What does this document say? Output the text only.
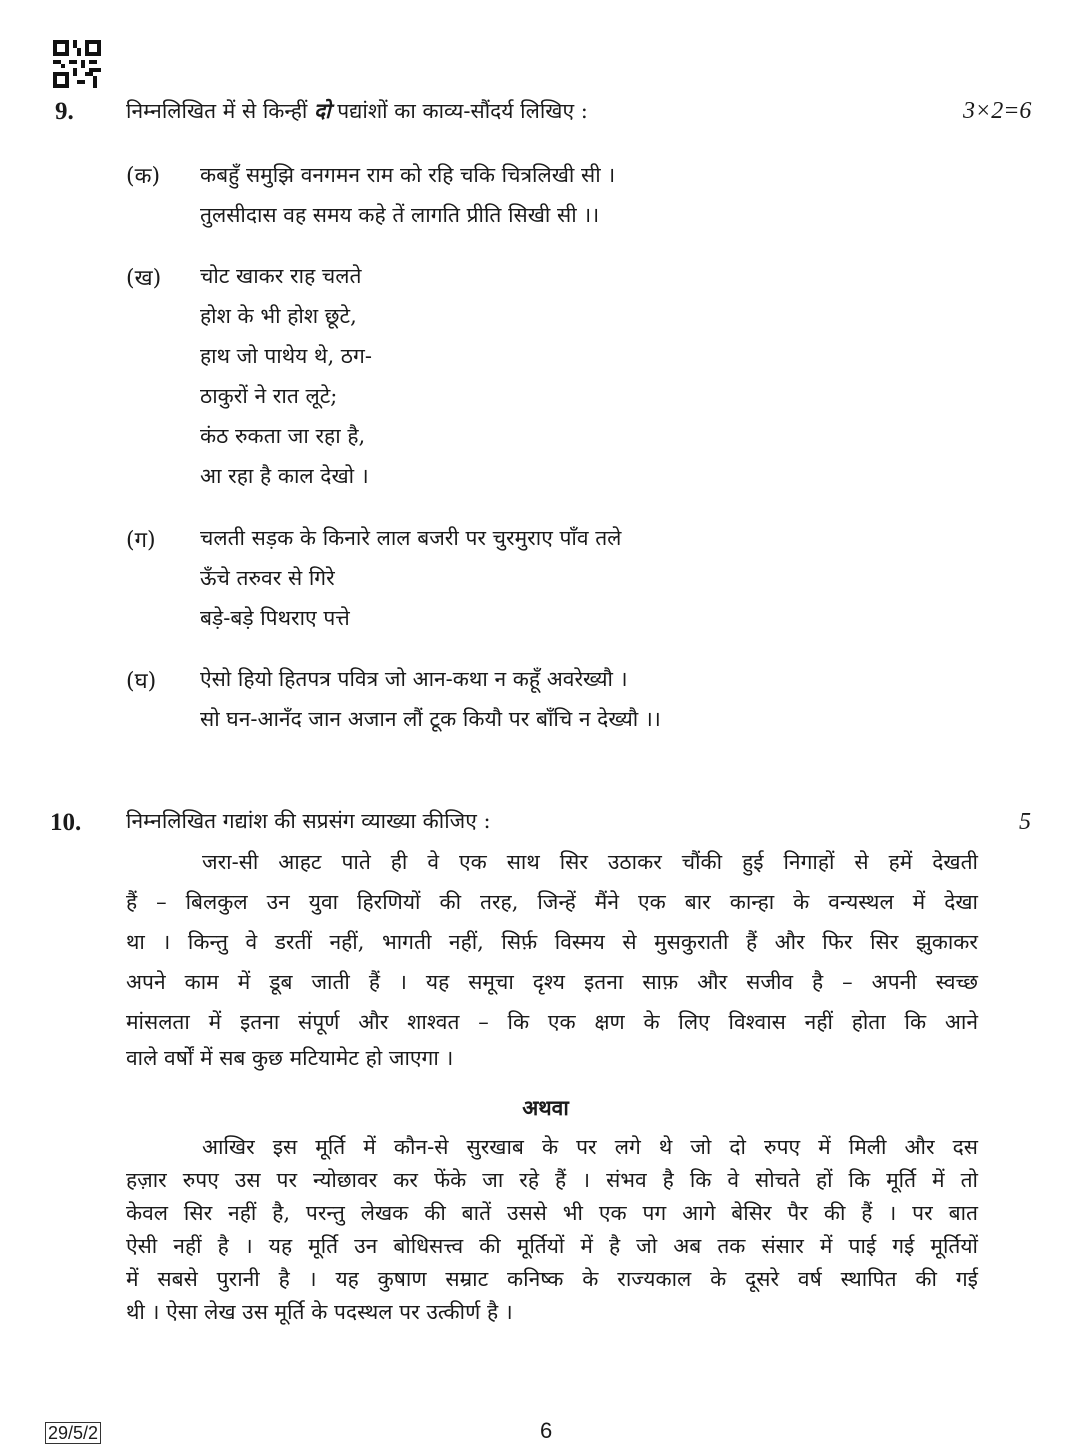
9. निम्नलिखित में से किन्हीं दो पद्यांशों का काव्य-सौंदर्य लिखिए :	3×2=6
(क) कबहुँ समुझि वनगमन राम को रहि चकि चित्रलिखी सी ।
तुलसीदास वह समय कहे तें लागति प्रीति सिखी सी ।।
(ख) चोट खाकर राह चलते
होश के भी होश छूटे,
हाथ जो पाथेय थे, ठग-
ठाकुरों ने रात लूटे;
कंठ रुकता जा रहा है,
आ रहा है काल देखो ।
(ग) चलती सड़क के किनारे लाल बजरी पर चुरमुराए पाँव तले
ऊँचे तरुवर से गिरे
बड़े-बड़े पिथराए पत्ते
(घ) ऐसो हियो हितपत्र पवित्र जो आन-कथा न कहूँ अवरेख्यौ ।
सो घन-आनँद जान अजान लौं टूक कियौ पर बाँचि न देख्यौ ।।
10. निम्नलिखित गद्यांश की सप्रसंग व्याख्या कीजिए :	5
जरा-सी आहट पाते ही वे एक साथ सिर उठाकर चौंकी हुई निगाहों से हमें देखती
हैं – बिलकुल उन युवा हिरणियों की तरह, जिन्हें मैंने एक बार कान्हा के वन्यस्थल में देखा
था । किन्तु वे डरतीं नहीं, भागती नहीं, सिर्फ़ विस्मय से मुसकुराती हैं और फिर सिर झुकाकर
अपने काम में डूब जाती हैं । यह समूचा दृश्य इतना साफ़ और सजीव है – अपनी स्वच्छ
मांसलता में इतना संपूर्ण और शाश्वत – कि एक क्षण के लिए विश्वास नहीं होता कि आने
वाले वर्षों में सब कुछ मटियामेट हो जाएगा ।
अथवा
आखिर इस मूर्ति में कौन-से सुरखाब के पर लगे थे जो दो रुपए में मिली और दस
हज़ार रुपए उस पर न्योछावर कर फेंके जा रहे हैं । संभव है कि वे सोचते हों कि मूर्ति में तो
केवल सिर नहीं है, परन्तु लेखक की बातें उससे भी एक पग आगे बेसिर पैर की हैं । पर बात
ऐसी नहीं है । यह मूर्ति उन बोधिसत्त्व की मूर्तियों में है जो अब तक संसार में पाई गई मूर्तियों
में सबसे पुरानी है । यह कुषाण सम्राट कनिष्क के राज्यकाल के दूसरे वर्ष स्थापित की गई
थी । ऐसा लेख उस मूर्ति के पदस्थल पर उत्कीर्ण है ।
29/5/2	6
